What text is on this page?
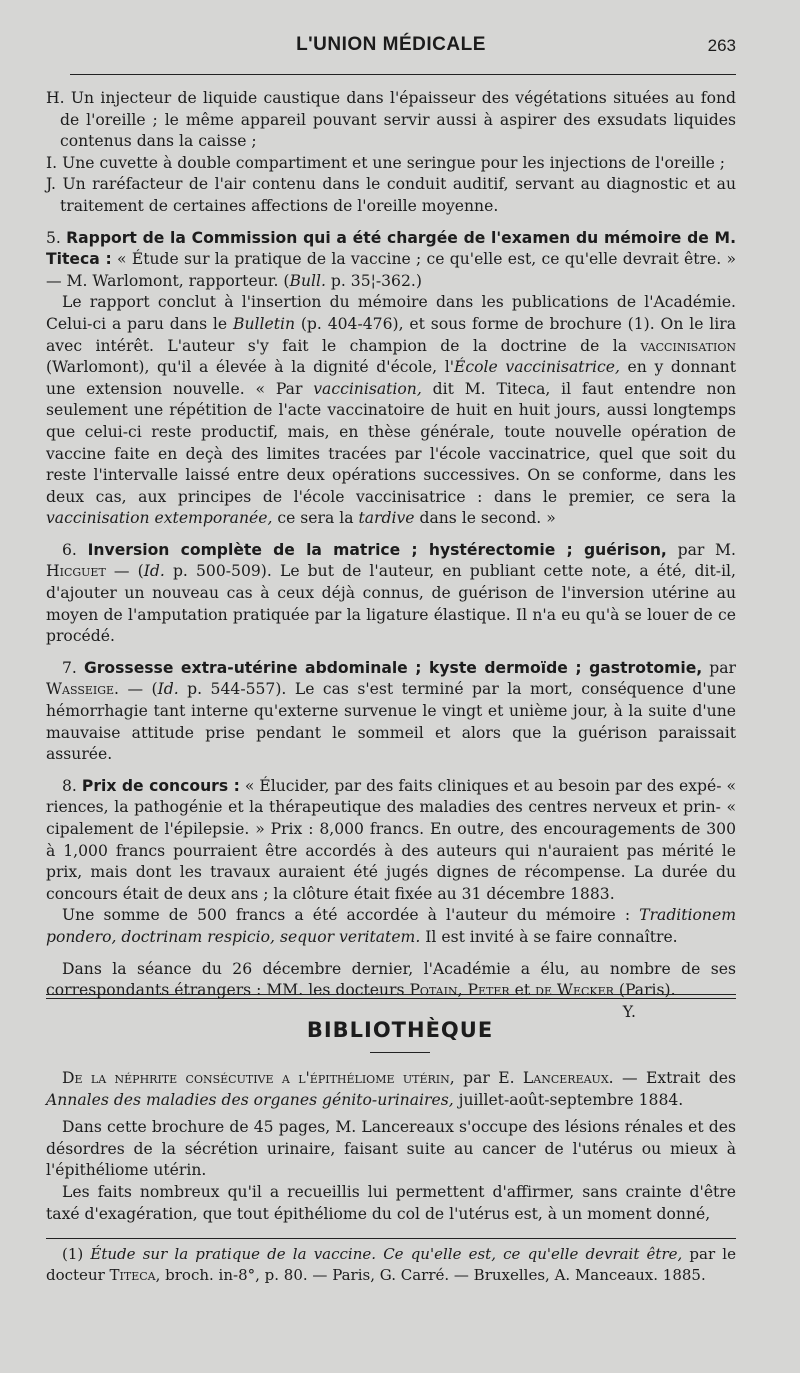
L'UNION MÉDICALE	263

H. Un injecteur de liquide caustique dans l'épaisseur des végétations situées au fond de l'oreille ; le même appareil pouvant servir aussi à aspirer des exsudats liquides contenus dans la caisse ;

I. Une cuvette à double compartiment et une seringue pour les injections de l'oreille ;

J. Un raréfacteur de l'air contenu dans le conduit auditif, servant au diagnostic et au traitement de certaines affections de l'oreille moyenne.

5. Rapport de la Commission qui a été chargée de l'examen du mémoire de M. Titeca : « Étude sur la pratique de la vaccine ; ce qu'elle est, ce qu'elle devrait être. » — M. Warlomont, rapporteur. (Bull. p. 35¦-362.)

Le rapport conclut à l'insertion du mémoire dans les publications de l'Académie. Celui-ci a paru dans le Bulletin (p. 404-476), et sous forme de brochure (1). On le lira avec intérêt. L'auteur s'y fait le champion de la doctrine de la vaccinisation (Warlomont), qu'il a élevée à la dignité d'école, l'École vaccinisatrice, en y donnant une extension nouvelle. « Par vaccinisation, dit M. Titeca, il faut entendre non seulement une répétition de l'acte vaccinatoire de huit en huit jours, aussi longtemps que celui-ci reste productif, mais, en thèse générale, toute nouvelle opération de vaccine faite en deçà des limites tracées par l'école vaccinatrice, quel que soit du reste l'intervalle laissé entre deux opérations successives. On se conforme, dans les deux cas, aux principes de l'école vaccinisatrice : dans le premier, ce sera la vaccinisation extemporanée, ce sera la tardive dans le second. »

6. Inversion complète de la matrice ; hystérectomie ; guérison, par M. Hicguet — (Id. p. 500-509). Le but de l'auteur, en publiant cette note, a été, dit-il, d'ajouter un nouveau cas à ceux déjà connus, de guérison de l'inversion utérine au moyen de l'amputation pratiquée par la ligature élastique. Il n'a eu qu'à se louer de ce procédé.

7. Grossesse extra-utérine abdominale ; kyste dermoïde ; gastrotomie, par Wasseige. — (Id. p. 544-557). Le cas s'est terminé par la mort, conséquence d'une hémorrhagie tant interne qu'externe survenue le vingt et unième jour, à la suite d'une mauvaise attitude prise pendant le sommeil et alors que la guérison paraissait assurée.

8. Prix de concours : « Élucider, par des faits cliniques et au besoin par des expé- « riences, la pathogénie et la thérapeutique des maladies des centres nerveux et prin- « cipalement de l'épilepsie. » Prix : 8,000 francs. En outre, des encouragements de 300 à 1,000 francs pourraient être accordés à des auteurs qui n'auraient pas mérité le prix, mais dont les travaux auraient été jugés dignes de récompense. La durée du concours était de deux ans ; la clôture était fixée au 31 décembre 1883.

Une somme de 500 francs a été accordée à l'auteur du mémoire : Traditionem pondero, doctrinam respicio, sequor veritatem. Il est invité à se faire connaître.

Dans la séance du 26 décembre dernier, l'Académie a élu, au nombre de ses correspondants étrangers : MM. les docteurs Potain, Peter et de Wecker (Paris).

Y.

BIBLIOTHÈQUE

De la néphrite consécutive a l'épithéliome utérin, par E. Lancereaux. — Extrait des Annales des maladies des organes génito-urinaires, juillet-août-septembre 1884.

Dans cette brochure de 45 pages, M. Lancereaux s'occupe des lésions rénales et des désordres de la sécrétion urinaire, faisant suite au cancer de l'utérus ou mieux à l'épithéliome utérin.

Les faits nombreux qu'il a recueillis lui permettent d'affirmer, sans crainte d'être taxé d'exagération, que tout épithéliome du col de l'utérus est, à un moment donné,

(1) Étude sur la pratique de la vaccine. Ce qu'elle est, ce qu'elle devrait être, par le docteur Titeca, broch. in-8°, p. 80. — Paris, G. Carré. — Bruxelles, A. Manceaux. 1885.
